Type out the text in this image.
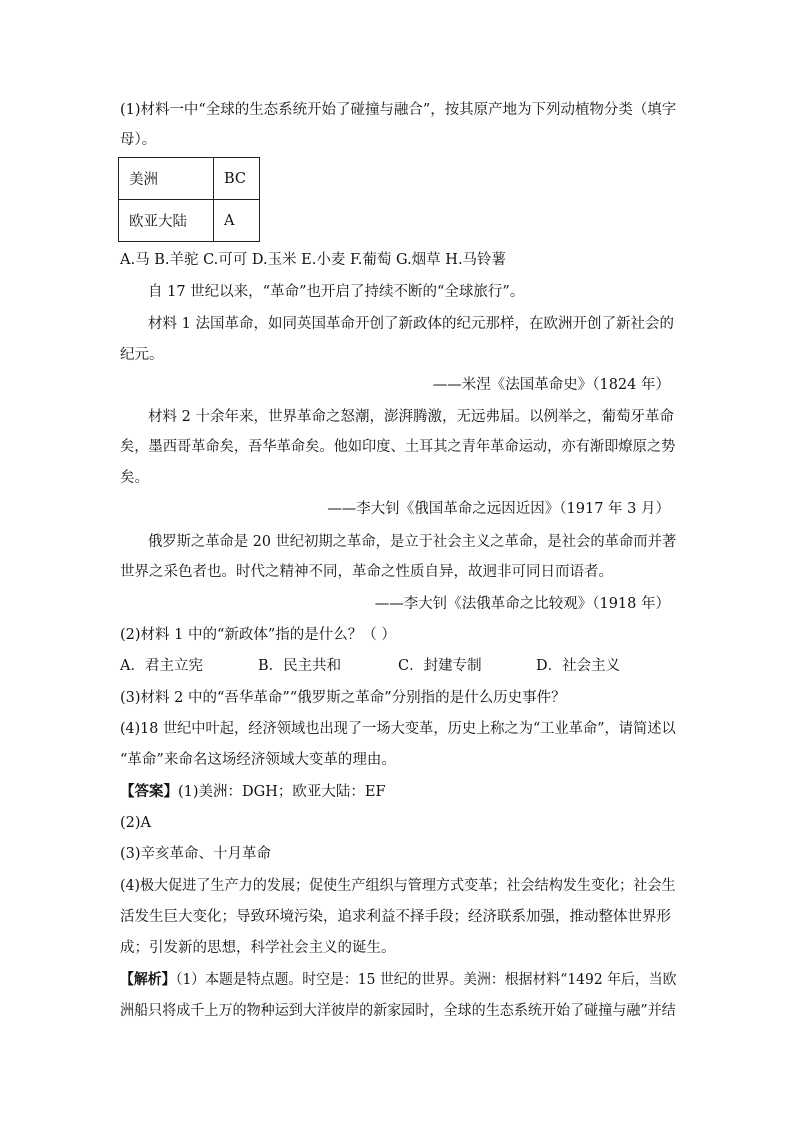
(1)材料一中“全球的生态系统开始了碰撞与融合”，按其原产地为下列动植物分类（填字
母）。
美洲	BC
欧亚大陆	A
A.马 B.羊驼 C.可可 D.玉米 E.小麦 F.葡萄 G.烟草 H.马铃薯
自 17 世纪以来，“革命”也开启了持续不断的“全球旅行”。
材料 1 法国革命，如同英国革命开创了新政体的纪元那样，在欧洲开创了新社会的
纪元。
——米涅《法国革命史》（1824 年）
材料 2 十余年来，世界革命之怒潮，澎湃腾激，无远弗届。以例举之，葡萄牙革命
矣，墨西哥革命矣，吾华革命矣。他如印度、土耳其之青年革命运动，亦有渐即燎原之势
矣。
——李大钊《俄国革命之远因近因》（1917 年 3 月）
俄罗斯之革命是 20 世纪初期之革命，是立于社会主义之革命，是社会的革命而并著
世界之采色者也。时代之精神不同，革命之性质自异，故迥非可同日而语者。
——李大钊《法俄革命之比较观》（1918 年）
(2)材料 1 中的“新政体”指的是什么？（ ）
A．君主立宪	B．民主共和	C．封建专制	D．社会主义
(3)材料 2 中的“吾华革命”“俄罗斯之革命”分别指的是什么历史事件？
(4)18 世纪中叶起，经济领域也出现了一场大变革，历史上称之为“工业革命”，请简述以
“革命”来命名这场经济领域大变革的理由。
【答案】(1)美洲：DGH；欧亚大陆：EF
(2)A
(3)辛亥革命、十月革命
(4)极大促进了生产力的发展；促使生产组织与管理方式变革；社会结构发生变化；社会生
活发生巨大变化；导致环境污染，追求利益不择手段；经济联系加强，推动整体世界形
成；引发新的思想，科学社会主义的诞生。
【解析】（1）本题是特点题。时空是：15 世纪的世界。美洲：根据材料“1492 年后，当欧
洲船只将成千上万的物种运到大洋彼岸的新家园时，全球的生态系统开始了碰撞与融”并结
